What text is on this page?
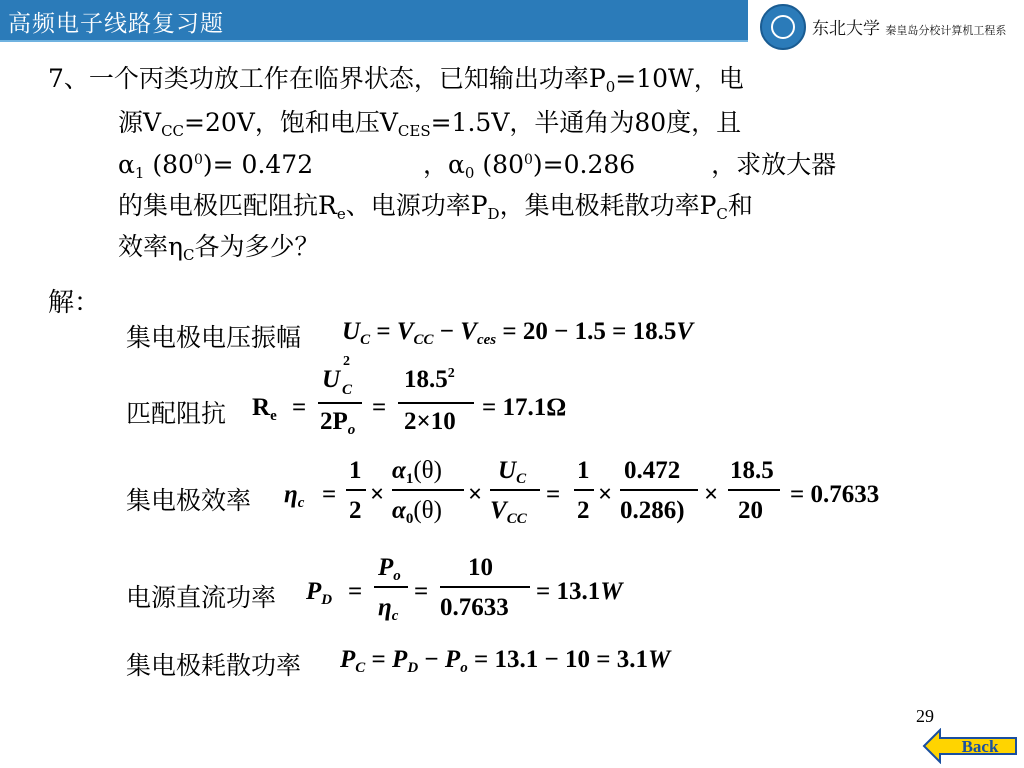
高频电子线路复习题	东北大学 秦皇岛分校计算机工程系
7、一个丙类功放工作在临界状态，已知输出功率$P_0=10W$，电
源$V_{CC}=20V$，饱和电压$V_{CES}=1.5V$，半通角为80度，且
$\alpha_1$ $(80^0)= 0.472$	，$\alpha_0$ $(80^0)=0.286$	，求放大器
的集电极匹配阻抗$R_e$、电源功率$P_D$，集电极耗散功率$P_C$和
效率$\eta_C$各为多少？
解：
集电极电压振幅 $U_C = V_{CC} - V_{ces} = 20 - 1.5 = 18.5V$
匹配阻抗 $R_e$ =
U C
2
$2P_o$
=
$18.5^2$
2×10
= 17.1Ω
集电极效率 $\eta_c$ =
1
2
×
$\alpha_1(\theta)$
$\alpha_0(\theta)$
×
$U_C$
$V_{CC}$
=
1
2
×
0.472
0.286)
×
18.5
20
= 0.7633
电源直流功率 $P_D$ =
$P_o$
$\eta_c$
=
10
0.7633
= 13.1W
集电极耗散功率 $P_C = P_D - P_o = 13.1 - 10 = 3.1W$
29
Back
